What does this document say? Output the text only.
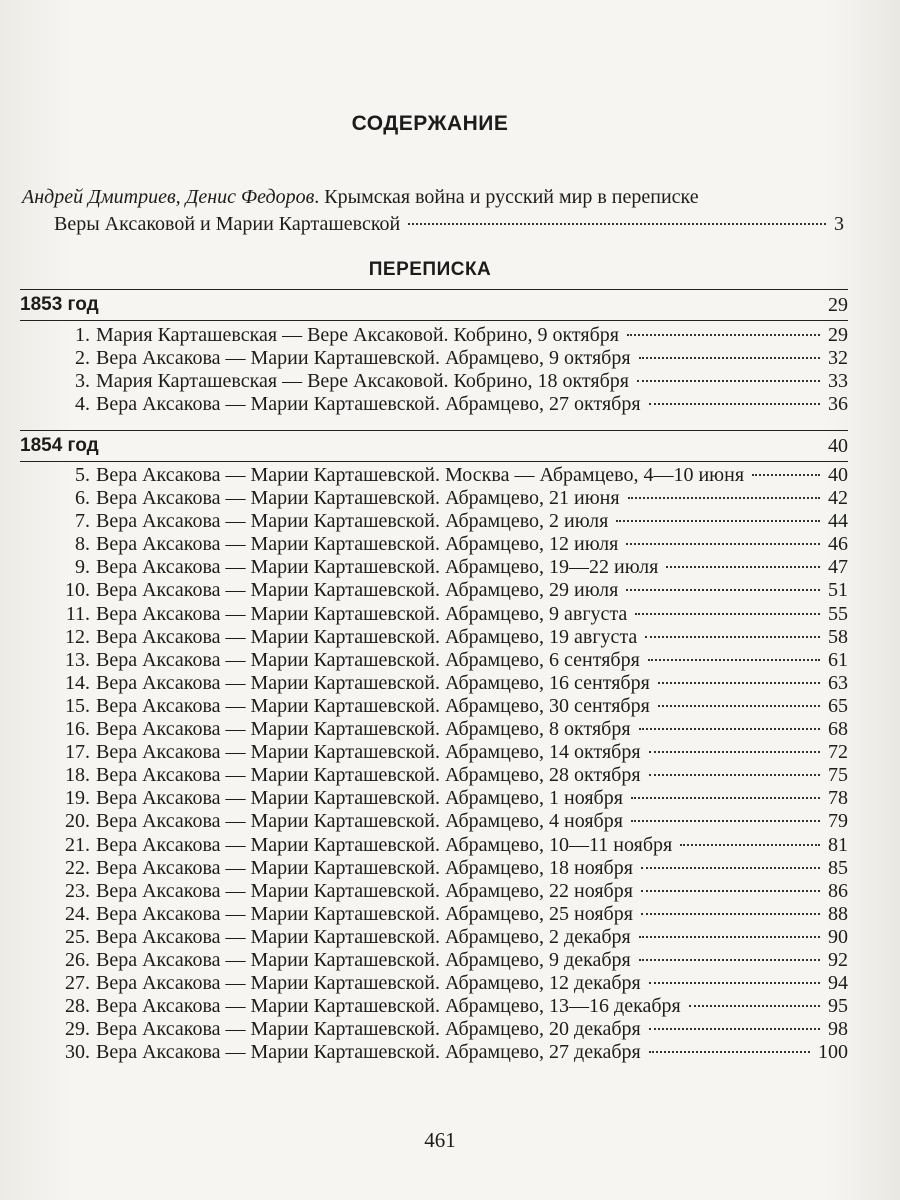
СОДЕРЖАНИЕ
Андрей Дмитриев, Денис Федоров. Крымская война и русский мир в переписке
Веры Аксаковой и Марии Карташевской	3
ПЕРЕПИСКА
1853 год	29
1. Мария Карташевская — Вере Аксаковой. Кобрино, 9 октября	29
2. Вера Аксакова — Марии Карташевской. Абрамцево, 9 октября	32
3. Мария Карташевская — Вере Аксаковой. Кобрино, 18 октября	33
4. Вера Аксакова — Марии Карташевской. Абрамцево, 27 октября	36
1854 год	40
5. Вера Аксакова — Марии Карташевской. Москва — Абрамцево, 4—10 июня	40
6. Вера Аксакова — Марии Карташевской. Абрамцево, 21 июня	42
7. Вера Аксакова — Марии Карташевской. Абрамцево, 2 июля	44
8. Вера Аксакова — Марии Карташевской. Абрамцево, 12 июля	46
9. Вера Аксакова — Марии Карташевской. Абрамцево, 19—22 июля	47
10. Вера Аксакова — Марии Карташевской. Абрамцево, 29 июля	51
11. Вера Аксакова — Марии Карташевской. Абрамцево, 9 августа	55
12. Вера Аксакова — Марии Карташевской. Абрамцево, 19 августа	58
13. Вера Аксакова — Марии Карташевской. Абрамцево, 6 сентября	61
14. Вера Аксакова — Марии Карташевской. Абрамцево, 16 сентября	63
15. Вера Аксакова — Марии Карташевской. Абрамцево, 30 сентября	65
16. Вера Аксакова — Марии Карташевской. Абрамцево, 8 октября	68
17. Вера Аксакова — Марии Карташевской. Абрамцево, 14 октября	72
18. Вера Аксакова — Марии Карташевской. Абрамцево, 28 октября	75
19. Вера Аксакова — Марии Карташевской. Абрамцево, 1 ноября	78
20. Вера Аксакова — Марии Карташевской. Абрамцево, 4 ноября	79
21. Вера Аксакова — Марии Карташевской. Абрамцево, 10—11 ноября	81
22. Вера Аксакова — Марии Карташевской. Абрамцево, 18 ноября	85
23. Вера Аксакова — Марии Карташевской. Абрамцево, 22 ноября	86
24. Вера Аксакова — Марии Карташевской. Абрамцево, 25 ноября	88
25. Вера Аксакова — Марии Карташевской. Абрамцево, 2 декабря	90
26. Вера Аксакова — Марии Карташевской. Абрамцево, 9 декабря	92
27. Вера Аксакова — Марии Карташевской. Абрамцево, 12 декабря	94
28. Вера Аксакова — Марии Карташевской. Абрамцево, 13—16 декабря	95
29. Вера Аксакова — Марии Карташевской. Абрамцево, 20 декабря	98
30. Вера Аксакова — Марии Карташевской. Абрамцево, 27 декабря	100
461
